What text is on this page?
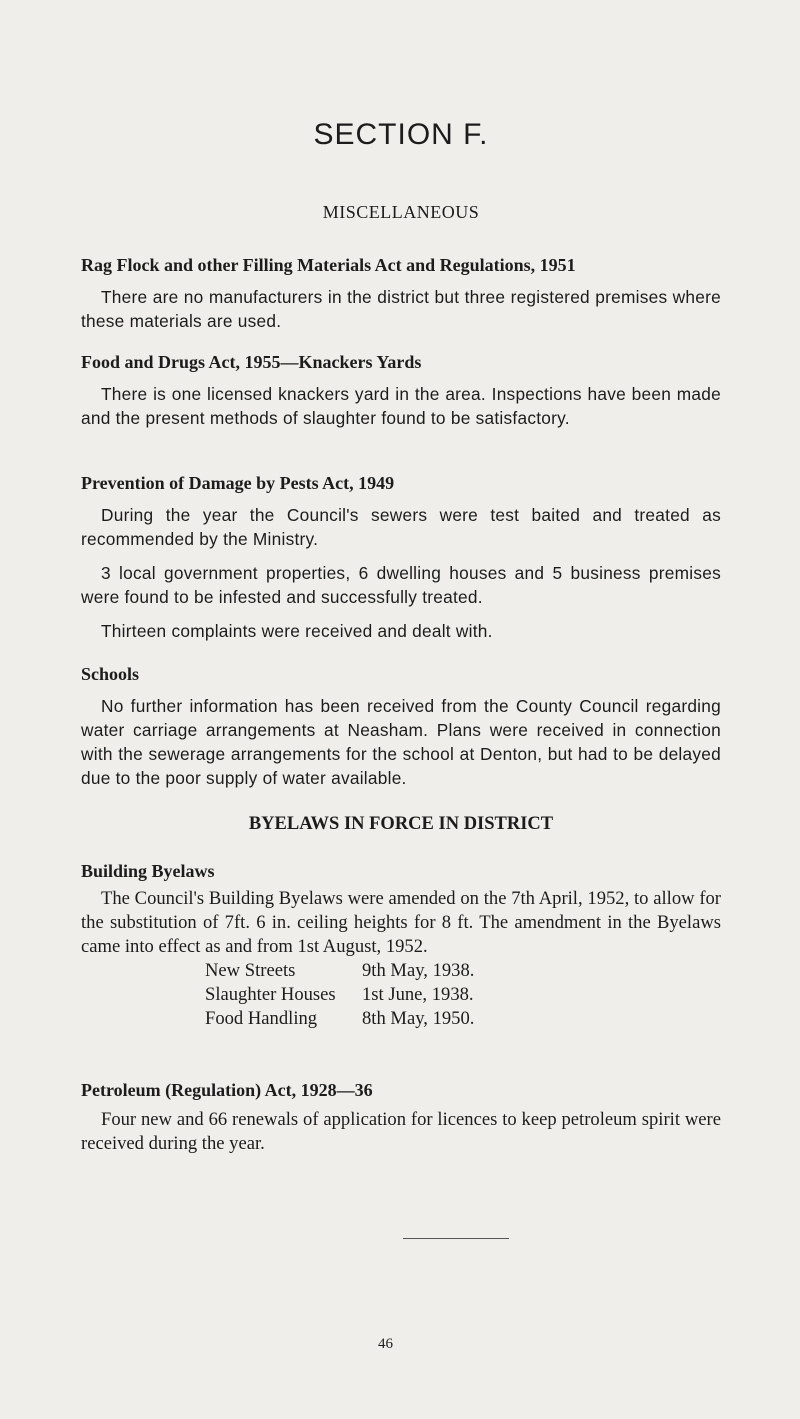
SECTION F.
MISCELLANEOUS
Rag Flock and other Filling Materials Act and Regulations, 1951

There are no manufacturers in the district but three registered premises where these materials are used.

Food and Drugs Act, 1955—Knackers Yards

There is one licensed knackers yard in the area. Inspections have been made and the present methods of slaughter found to be satisfactory.

Prevention of Damage by Pests Act, 1949

During the year the Council's sewers were test baited and treated as recommended by the Ministry.

3 local government properties, 6 dwelling houses and 5 business premises were found to be infested and successfully treated.

Thirteen complaints were received and dealt with.

Schools

No further information has been received from the County Council regarding water carriage arrangements at Neasham. Plans were received in connection with the sewerage arrangements for the school at Denton, but had to be delayed due to the poor supply of water available.

BYELAWS IN FORCE IN DISTRICT
Building Byelaws

The Council's Building Byelaws were amended on the 7th April, 1952, to allow for the substitution of 7ft. 6 in. ceiling heights for 8 ft. The amendment in the Byelaws came into effect as and from 1st August, 1952.

New Streets	9th May, 1938.
Slaughter Houses	1st June, 1938.
Food Handling	8th May, 1950.
Petroleum (Regulation) Act, 1928—36

Four new and 66 renewals of application for licences to keep petroleum spirit were received during the year.

46
